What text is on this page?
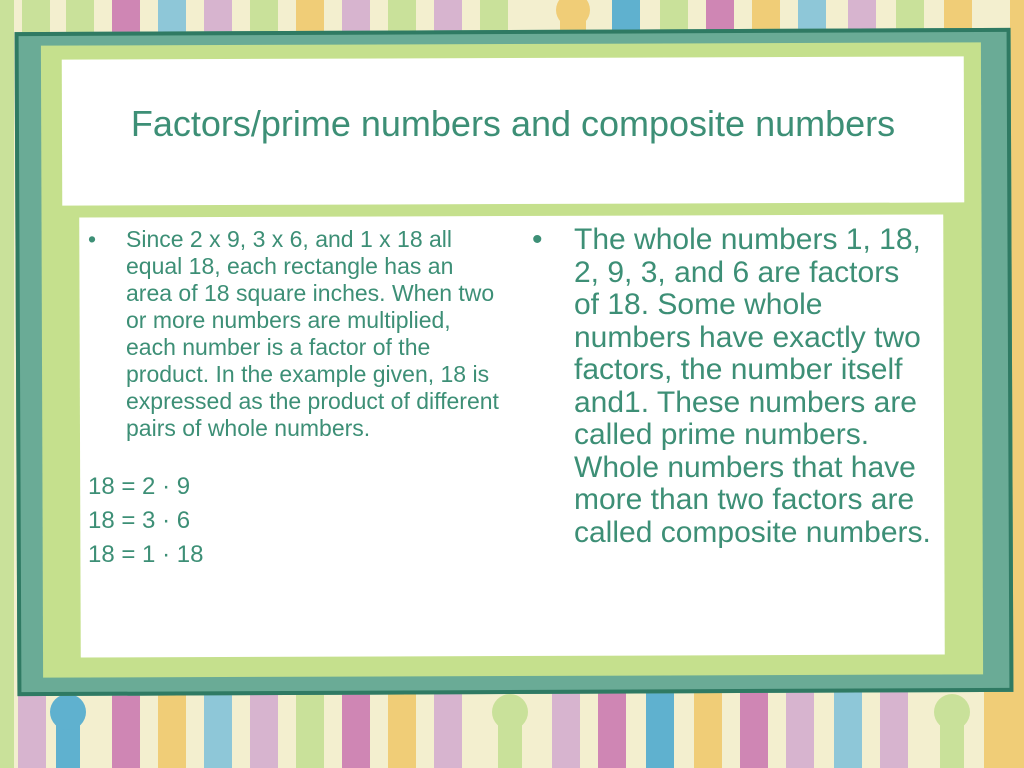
Factors/prime numbers and composite numbers
•	Since 2 x 9, 3 x 6, and 1 x 18 all equal 18, each rectangle has an area of 18 square inches. When two or more numbers are multiplied, each number is a factor of the product. In the example given, 18 is expressed as the product of different pairs of whole numbers.
18 = 2 · 9
18 = 3 · 6
18 = 1 · 18
•	The whole numbers 1, 18, 2, 9, 3, and 6 are factors of 18. Some whole numbers have exactly two factors, the number itself and1. These numbers are called prime numbers. Whole numbers that have more than two factors are called composite numbers.
